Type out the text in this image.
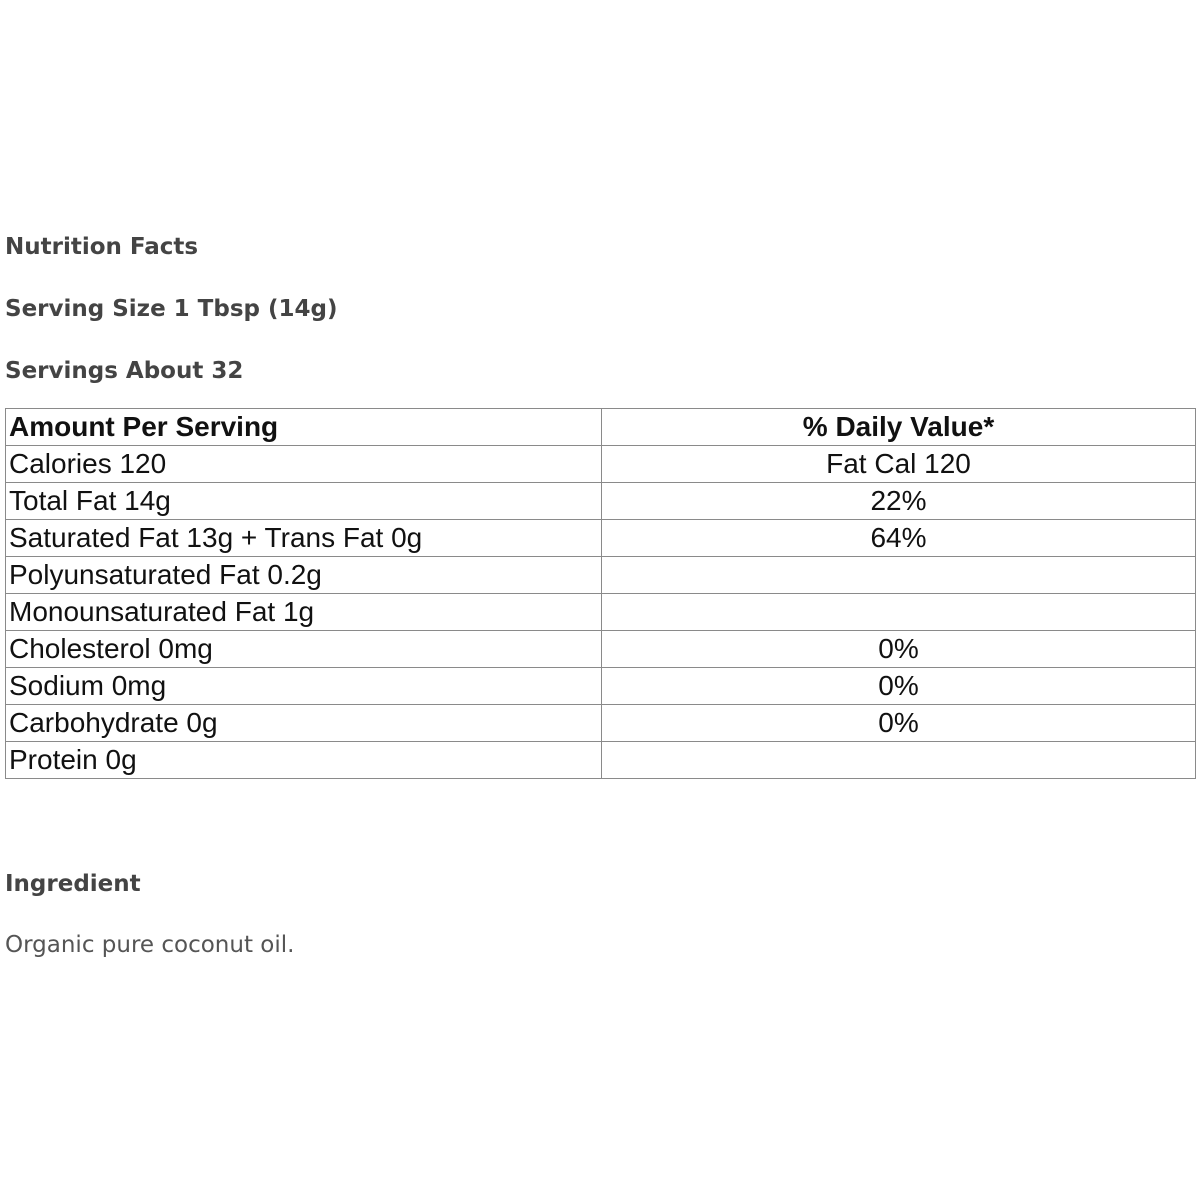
Nutrition Facts

Serving Size 1 Tbsp (14g)

Servings About 32

Amount Per Serving	% Daily Value*
Calories 120	Fat Cal 120
Total Fat 14g	22%
Saturated Fat 13g + Trans Fat 0g	64%
Polyunsaturated Fat 0.2g	
Monounsaturated Fat 1g	
Cholesterol 0mg	0%
Sodium 0mg	0%
Carbohydrate 0g	0%
Protein 0g	
Ingredient

Organic pure coconut oil.
